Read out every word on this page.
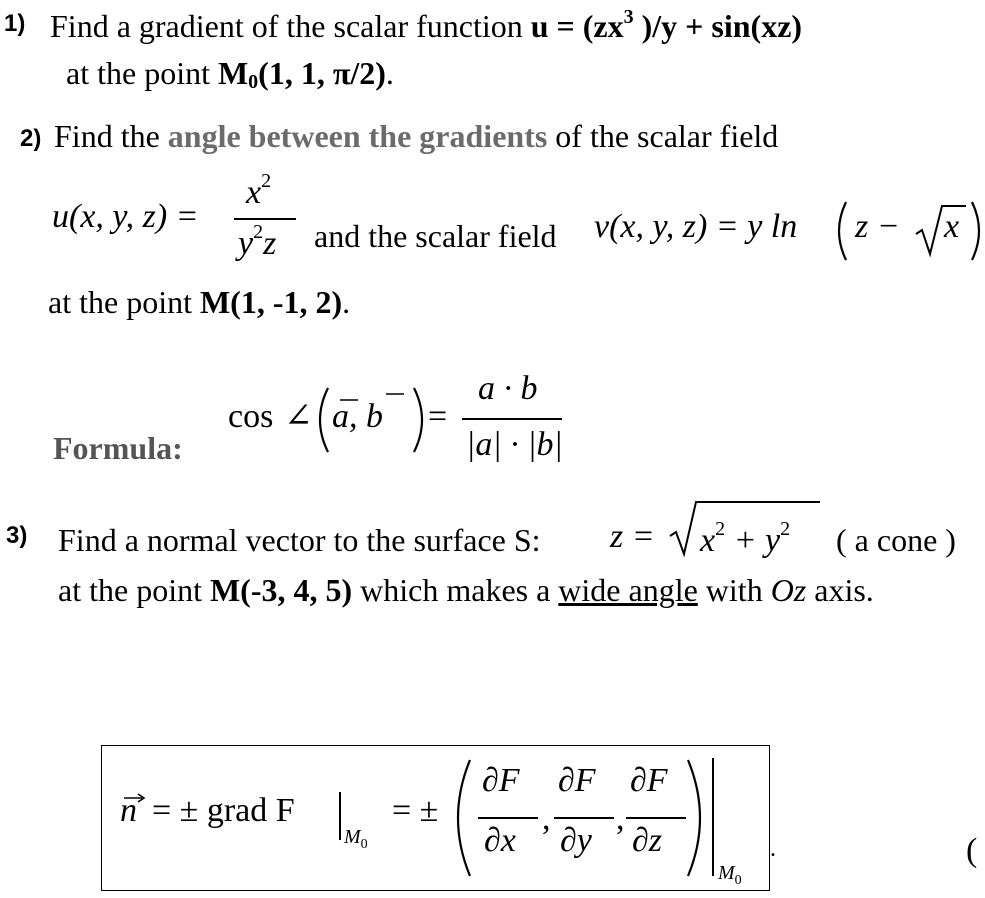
1) Find a gradient of the scalar function $u = (zx^3$ )/y + sin(xz)
at the point $M_0(1$, 1, π/2).
2) Find the angle between the gradients of the scalar field
u(x, y, z) =
$x^2$
$y^2z$ and the scalar field v(x, y, z) = y ln z − x
at the point M(1, -1, 2).
Formula:
cos ∠ a, b =
a · b
|a| · |b|
3) Find a normal vector to the surface S: $z = x^2 + y^2$ ( a cone )
at the point M(-3, 4, 5) which makes a wide angle with Oz axis.
n = ± grad F
$M_0$
= ±
∂F
∂x
,
∂F
∂y
,
∂F
∂z
$M_0$
.	(
